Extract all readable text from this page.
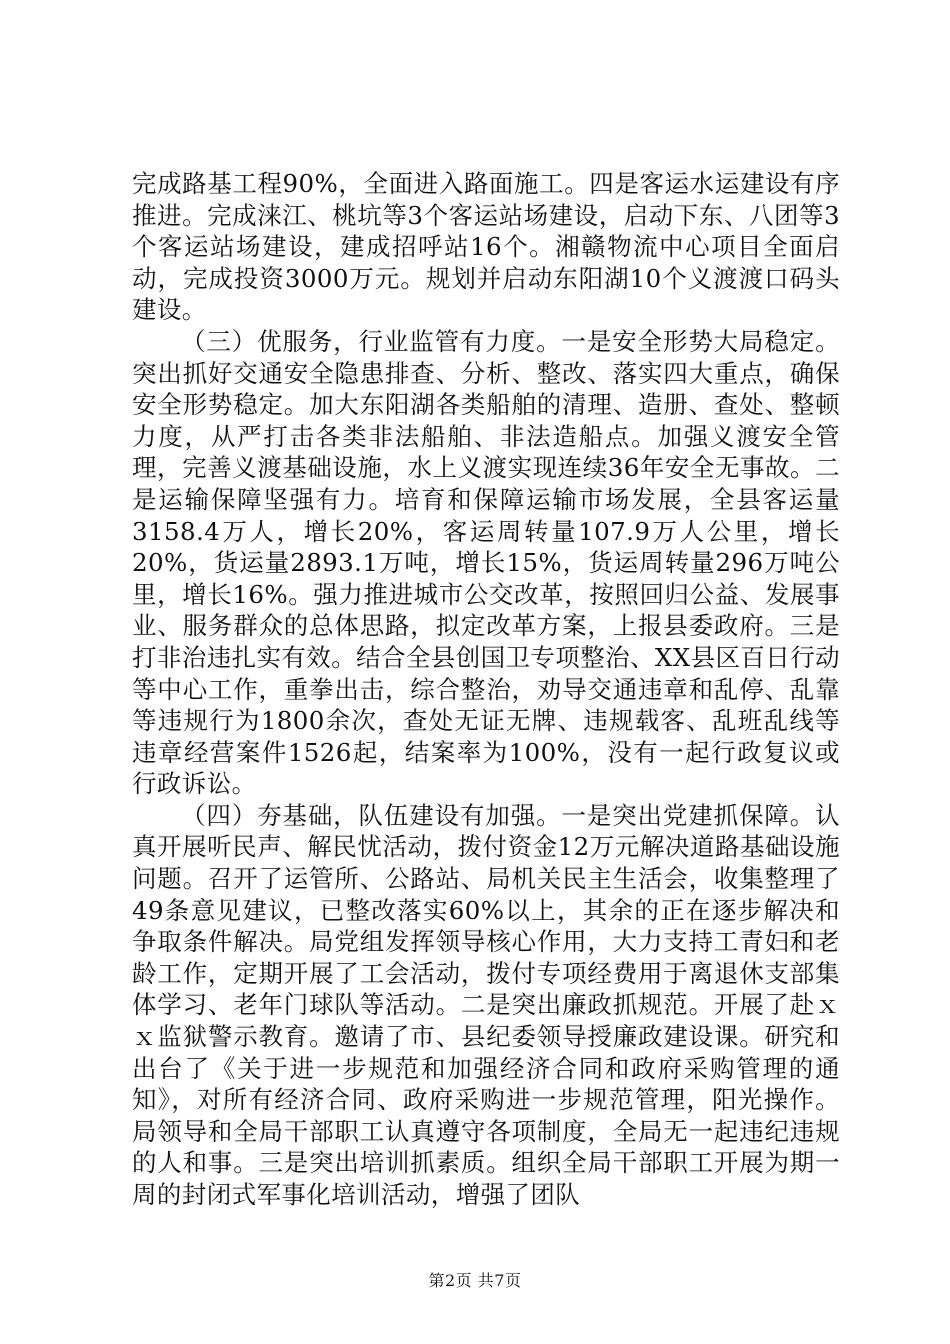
完成路基工程90%，全面进入路面施工。四是客运水运建设有序推进。完成涞江、桃坑等3个客运站场建设，启动下东、八团等3个客运站场建设，建成招呼站16个。湘赣物流中心项目全面启动，完成投资3000万元。规划并启动东阳湖10个义渡渡口码头建设。

（三）优服务，行业监管有力度。一是安全形势大局稳定。突出抓好交通安全隐患排查、分析、整改、落实四大重点，确保安全形势稳定。加大东阳湖各类船舶的清理、造册、查处、整顿力度，从严打击各类非法船舶、非法造船点。加强义渡安全管理，完善义渡基础设施，水上义渡实现连续36年安全无事故。二是运输保障坚强有力。培育和保障运输市场发展，全县客运量3158.4万人，增长20%，客运周转量107.9万人公里，增长20%，货运量2893.1万吨，增长15%，货运周转量296万吨公里，增长16%。强力推进城市公交改革，按照回归公益、发展事业、服务群众的总体思路，拟定改革方案，上报县委政府。三是打非治违扎实有效。结合全县创国卫专项整治、XX县区百日行动等中心工作，重拳出击，综合整治，劝导交通违章和乱停、乱靠等违规行为1800余次，查处无证无牌、违规载客、乱班乱线等违章经营案件1526起，结案率为100%，没有一起行政复议或行政诉讼。

（四）夯基础，队伍建设有加强。一是突出党建抓保障。认真开展听民声、解民忧活动，拨付资金12万元解决道路基础设施问题。召开了运管所、公路站、局机关民主生活会，收集整理了49条意见建议，已整改落实60%以上，其余的正在逐步解决和争取条件解决。局党组发挥领导核心作用，大力支持工青妇和老龄工作，定期开展了工会活动，拨付专项经费用于离退休支部集体学习、老年门球队等活动。二是突出廉政抓规范。开展了赴ｘｘ监狱警示教育。邀请了市、县纪委领导授廉政建设课。研究和出台了《关于进一步规范和加强经济合同和政府采购管理的通知》，对所有经济合同、政府采购进一步规范管理，阳光操作。局领导和全局干部职工认真遵守各项制度，全局无一起违纪违规的人和事。三是突出培训抓素质。组织全局干部职工开展为期一周的封闭式军事化培训活动，增强了团队

第2页 共7页
